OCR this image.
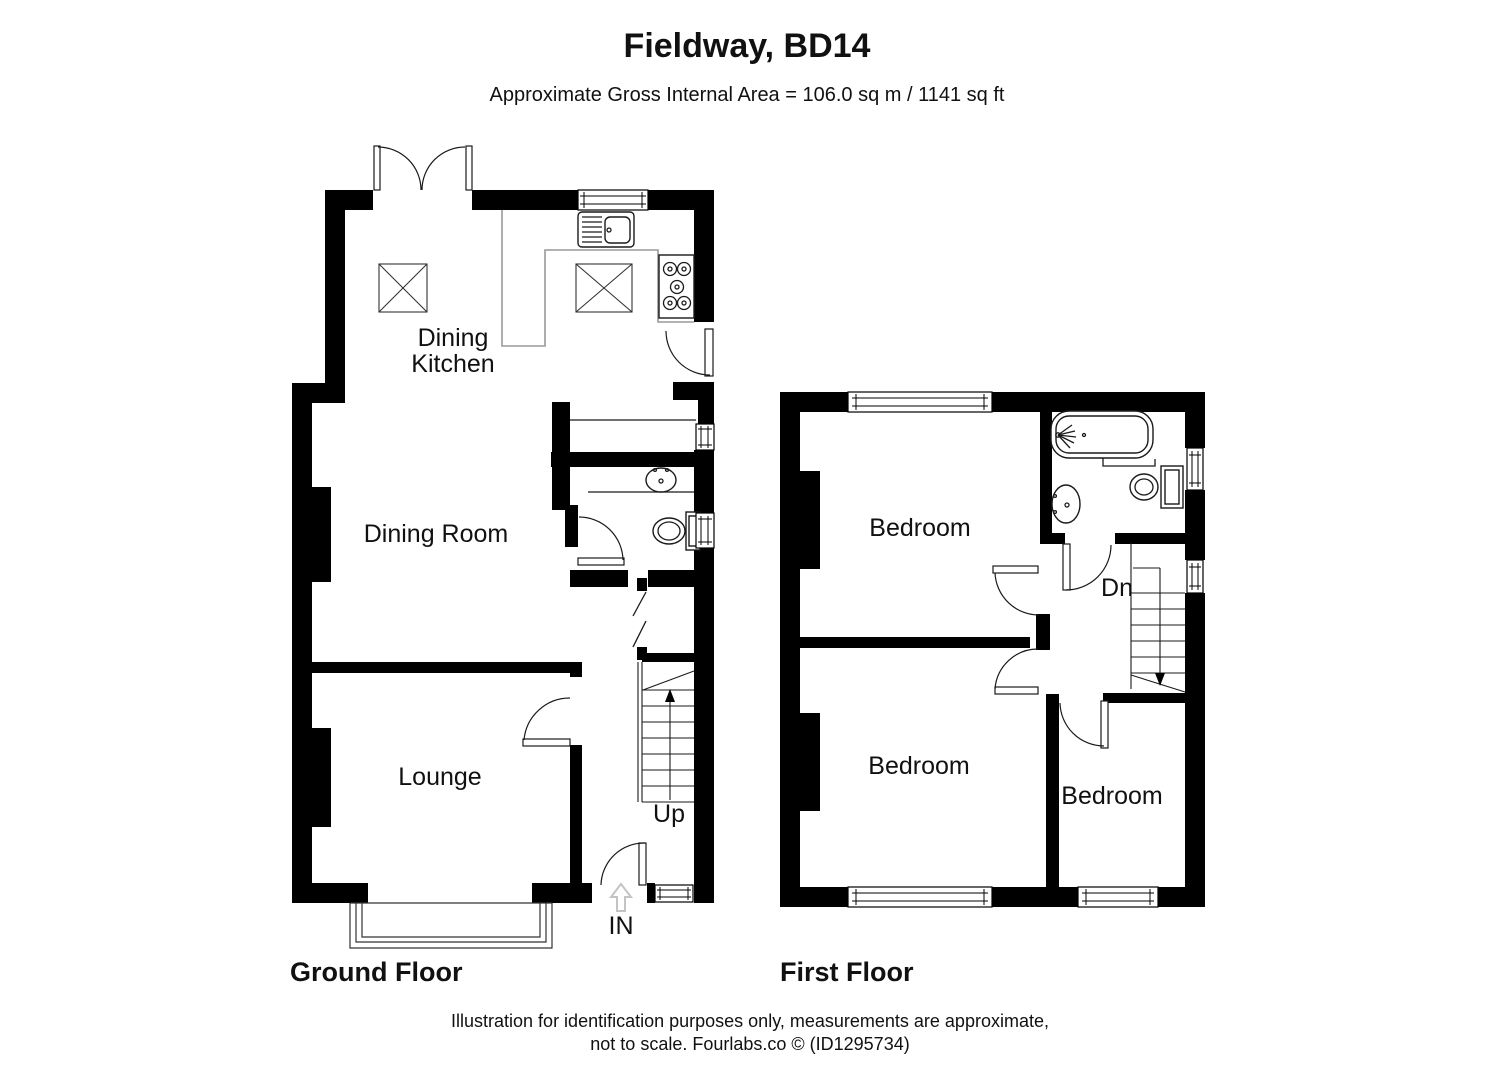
Fieldway, BD14
Approximate Gross Internal Area = 106.0 sq m / 1141 sq ft
Dining
Kitchen
Dining Room
Lounge
Up
IN
Ground Floor
Bedroom
Bedroom
Bedroom
Dn
First Floor
Illustration for identification purposes only, measurements are approximate,
not to scale. Fourlabs.co © (ID1295734)
